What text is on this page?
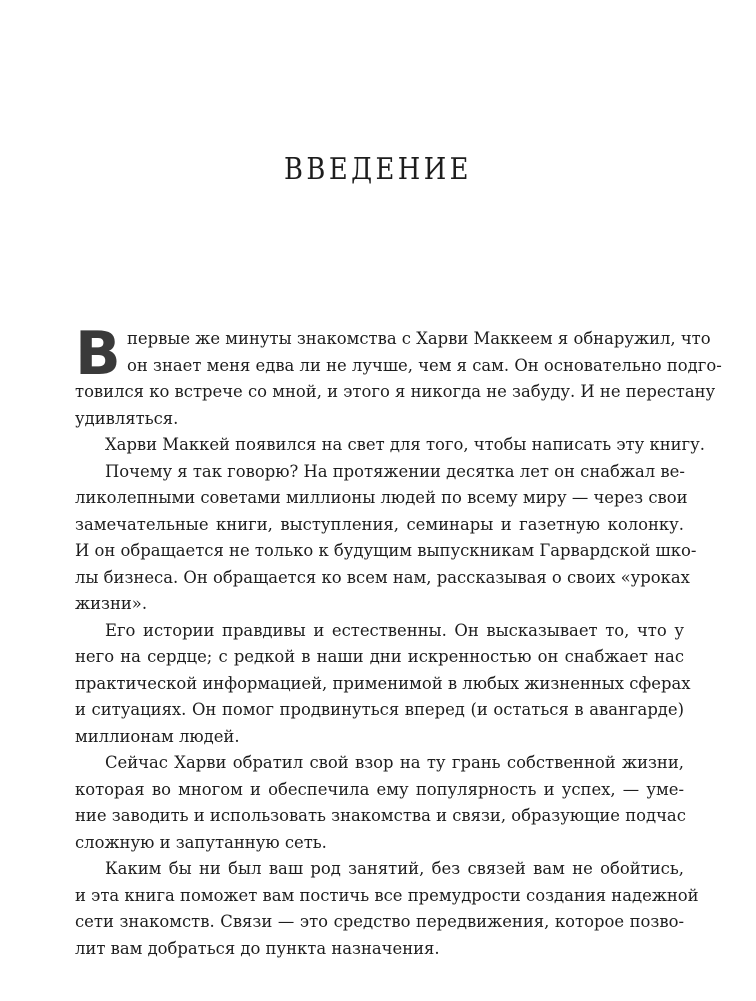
ВВЕДЕНИЕ
В первые же минуты знакомства с Харви Маккеем я обнаружил, что
он знает меня едва ли не лучше, чем я сам. Он основательно подго-
товился ко встрече со мной, и этого я никогда не забуду. И не перестану
удивляться.
Харви Маккей появился на свет для того, чтобы написать эту книгу.
Почему я так говорю? На протяжении десятка лет он снабжал ве-
ликолепными советами миллионы людей по всему миру — через свои
замечательные книги, выступления, семинары и газетную колонку.
И он обращается не только к будущим выпускникам Гарвардской шко-
лы бизнеса. Он обращается ко всем нам, рассказывая о своих «уроках
жизни».
Его истории правдивы и естественны. Он высказывает то, что у
него на сердце; с редкой в наши дни искренностью он снабжает нас
практической информацией, применимой в любых жизненных сферах
и ситуациях. Он помог продвинуться вперед (и остаться в авангарде)
миллионам людей.
Сейчас Харви обратил свой взор на ту грань собственной жизни,
которая во многом и обеспечила ему популярность и успех, — уме-
ние заводить и использовать знакомства и связи, образующие подчас
сложную и запутанную сеть.
Каким бы ни был ваш род занятий, без связей вам не обойтись,
и эта книга поможет вам постичь все премудрости создания надежной
сети знакомств. Связи — это средство передвижения, которое позво-
лит вам добраться до пункта назначения.
